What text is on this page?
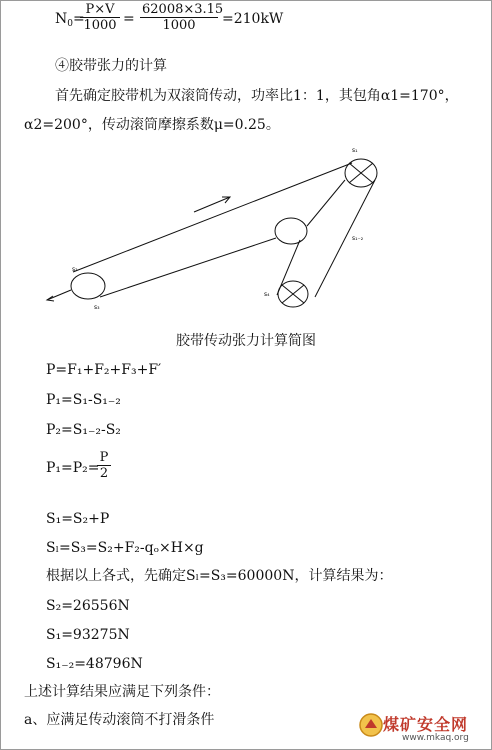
$N_0=$
$\frac{P\times V}{1000} = \frac{62008\times 3.15}{1000} =210kW$
④胶带张力的计算
首先确定胶带机为双滚筒传动，功率比1：1，其包角α1=170°，
α2=200°，传动滚筒摩擦系数μ=0.25。
s₁
s₂
s₃
s₄
s₁₋₂
胶带传动张力计算简图
P=F₁+F₂+F₃+F′
P₁=S₁-S₁₋₂
P₂=S₁₋₂-S₂
P₁=P₂=
$\frac{P}{2}$
S₁=S₂+P
Sₗ=S₃=S₂+F₂-qₒ×H×g
根据以上各式，先确定Sₗ=S₃=60000N，计算结果为：
S₂=26556N
S₁=93275N
S₁₋₂=48796N
上述计算结果应满足下列条件：
a、应满足传动滚筒不打滑条件	煤矿安全网
www.mkaq.org
